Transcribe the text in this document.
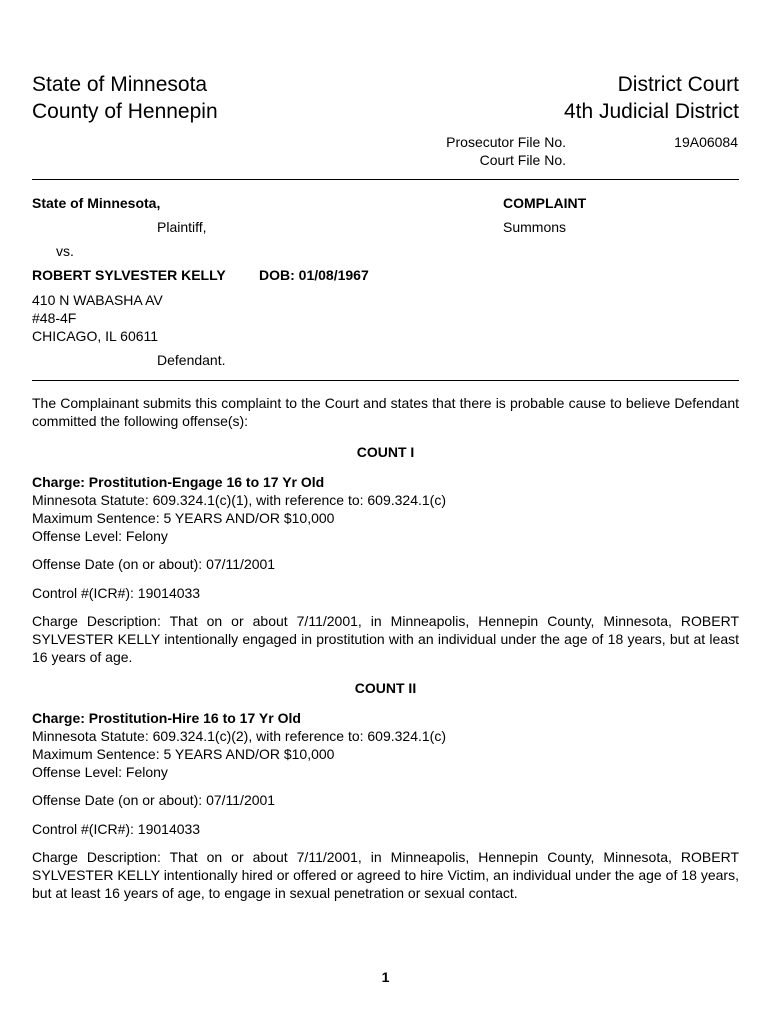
State of Minnesota
County of Hennepin
District Court
4th Judicial District
Prosecutor File No.	19A06084
Court File No.
State of Minnesota,
Plaintiff,
vs.
ROBERT SYLVESTER KELLY DOB: 01/08/1967
410 N WABASHA AV
#48-4F
CHICAGO, IL 60611
Defendant.
COMPLAINT
Summons
The Complainant submits this complaint to the Court and states that there is probable cause to believe Defendant committed the following offense(s):
COUNT I
Charge: Prostitution-Engage 16 to 17 Yr Old
Minnesota Statute: 609.324.1(c)(1), with reference to: 609.324.1(c)
Maximum Sentence: 5 YEARS AND/OR $10,000
Offense Level: Felony
Offense Date (on or about): 07/11/2001
Control #(ICR#): 19014033
Charge Description: That on or about 7/11/2001, in Minneapolis, Hennepin County, Minnesota, ROBERT SYLVESTER KELLY intentionally engaged in prostitution with an individual under the age of 18 years, but at least 16 years of age.
COUNT II
Charge: Prostitution-Hire 16 to 17 Yr Old
Minnesota Statute: 609.324.1(c)(2), with reference to: 609.324.1(c)
Maximum Sentence: 5 YEARS AND/OR $10,000
Offense Level: Felony
Offense Date (on or about): 07/11/2001
Control #(ICR#): 19014033
Charge Description: That on or about 7/11/2001, in Minneapolis, Hennepin County, Minnesota, ROBERT SYLVESTER KELLY intentionally hired or offered or agreed to hire Victim, an individual under the age of 18 years, but at least 16 years of age, to engage in sexual penetration or sexual contact.
1
